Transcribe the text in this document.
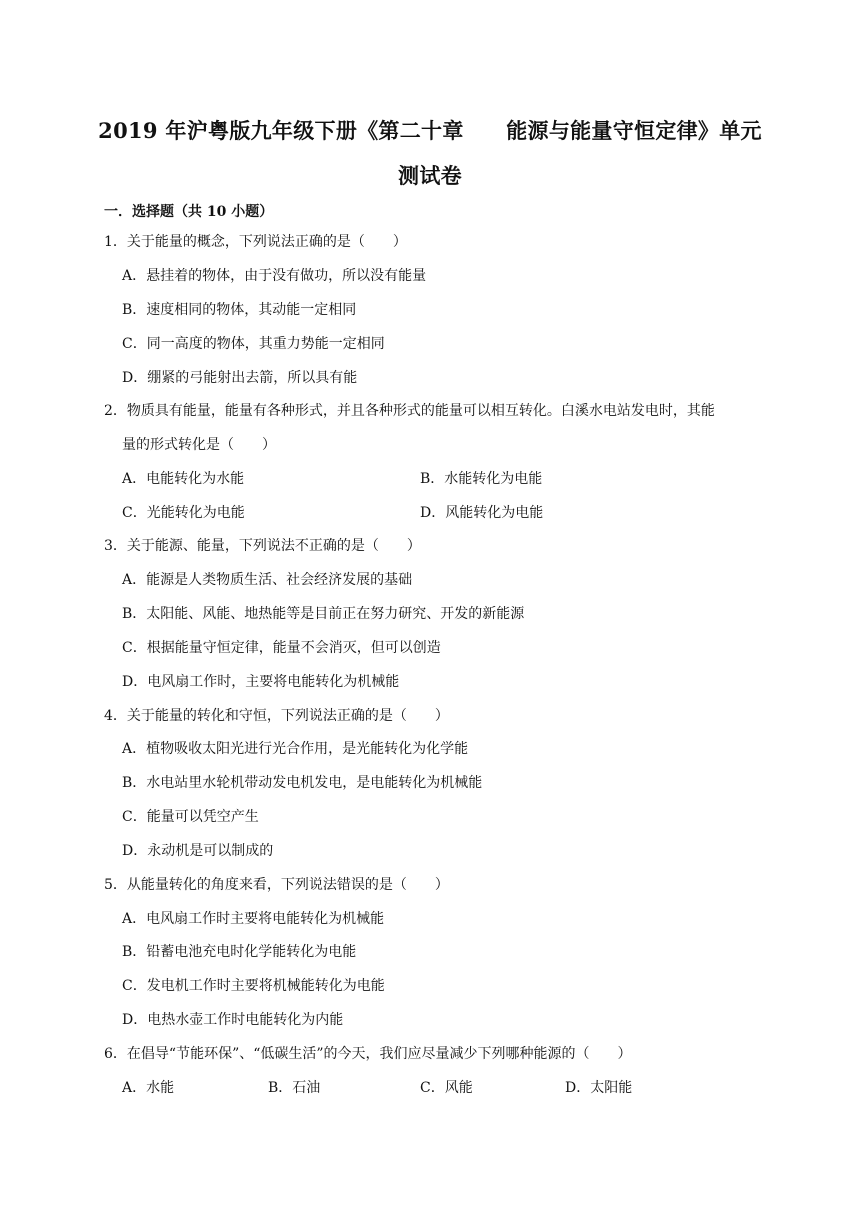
2019 年沪粤版九年级下册《第二十章　　能源与能量守恒定律》单元
测试卷
一．选择题（共 10 小题）
1．关于能量的概念，下列说法正确的是（　　）
A．悬挂着的物体，由于没有做功，所以没有能量
B．速度相同的物体，其动能一定相同
C．同一高度的物体，其重力势能一定相同
D．绷紧的弓能射出去箭，所以具有能
2．物质具有能量，能量有各种形式，并且各种形式的能量可以相互转化。白溪水电站发电时，其能
量的形式转化是（　　）
A．电能转化为水能	B．水能转化为电能
C．光能转化为电能	D．风能转化为电能
3．关于能源、能量，下列说法不正确的是（　　）
A．能源是人类物质生活、社会经济发展的基础
B．太阳能、风能、地热能等是目前正在努力研究、开发的新能源
C．根据能量守恒定律，能量不会消灭，但可以创造
D．电风扇工作时，主要将电能转化为机械能
4．关于能量的转化和守恒，下列说法正确的是（　　）
A．植物吸收太阳光进行光合作用，是光能转化为化学能
B．水电站里水轮机带动发电机发电，是电能转化为机械能
C．能量可以凭空产生
D．永动机是可以制成的
5．从能量转化的角度来看，下列说法错误的是（　　）
A．电风扇工作时主要将电能转化为机械能
B．铅蓄电池充电时化学能转化为电能
C．发电机工作时主要将机械能转化为电能
D．电热水壶工作时电能转化为内能
6．在倡导“节能环保”、“低碳生活”的今天，我们应尽量减少下列哪种能源的（　　）
A．水能	B．石油	C．风能	D．太阳能
